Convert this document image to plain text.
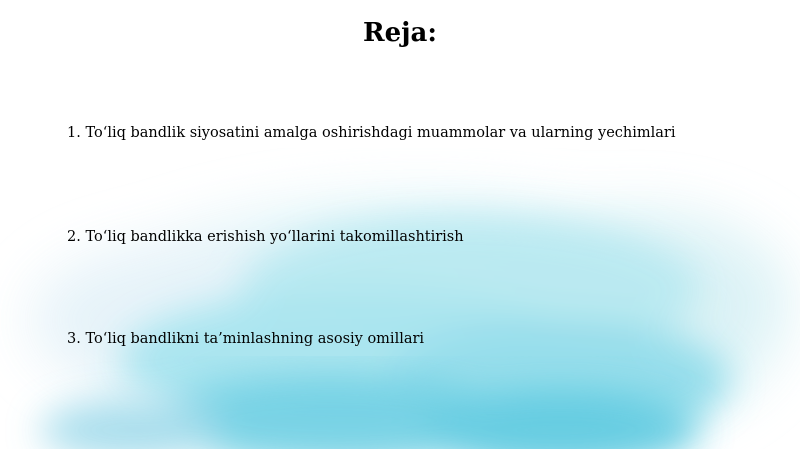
Reja:
1. To‘liq bandlik siyosatini amalga oshirishdagi muammolar va ularning yechimlari
2. To‘liq bandlikka erishish yo‘llarini takomillashtirish
3. To‘liq bandlikni ta’minlashning asosiy omillari
